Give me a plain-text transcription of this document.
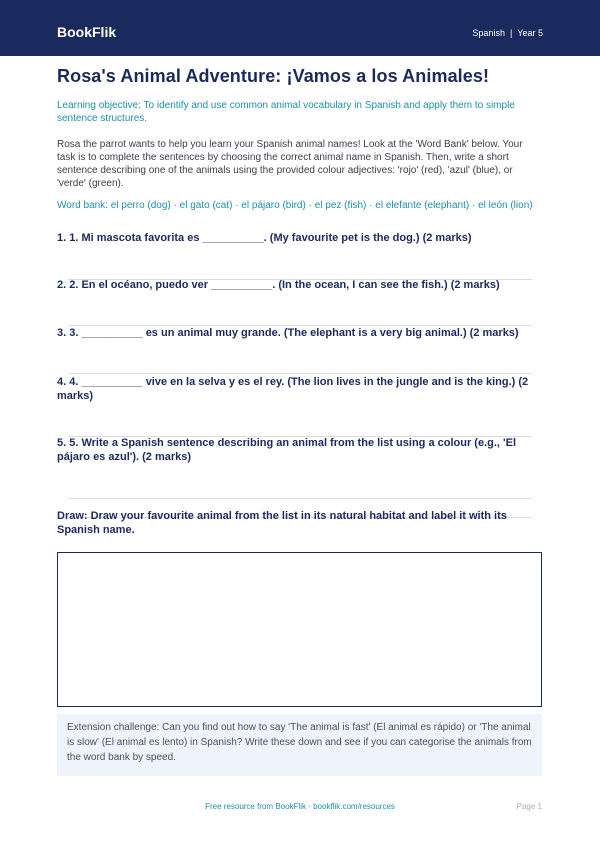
BookFlik	Spanish | Year 5
Rosa's Animal Adventure: ¡Vamos a los Animales!

Learning objective: To identify and use common animal vocabulary in Spanish and apply them to simple sentence structures.

Rosa the parrot wants to help you learn your Spanish animal names! Look at the 'Word Bank' below. Your task is to complete the sentences by choosing the correct animal name in Spanish. Then, write a short sentence describing one of the animals using the provided colour adjectives: 'rojo' (red), 'azul' (blue), or 'verde' (green).

Word bank: el perro (dog) · el gato (cat) · el pájaro (bird) · el pez (fish) · el elefante (elephant) · el león (lion)

1. 1. Mi mascota favorita es __________. (My favourite pet is the dog.) (2 marks)

2. 2. En el océano, puedo ver __________. (In the ocean, I can see the fish.) (2 marks)

3. 3. __________ es un animal muy grande. (The elephant is a very big animal.) (2 marks)

4. 4. __________ vive en la selva y es el rey. (The lion lives in the jungle and is the king.) (2 marks)

5. 5. Write a Spanish sentence describing an animal from the list using a colour (e.g., 'El pájaro es azul'). (2 marks)

Draw: Draw your favourite animal from the list in its natural habitat and label it with its Spanish name.

Extension challenge: Can you find out how to say 'The animal is fast' (El animal es rápido) or 'The animal is slow' (El animal es lento) in Spanish? Write these down and see if you can categorise the animals from the word bank by speed.
Free resource from BookFlik · bookflik.com/resources	Page 1
